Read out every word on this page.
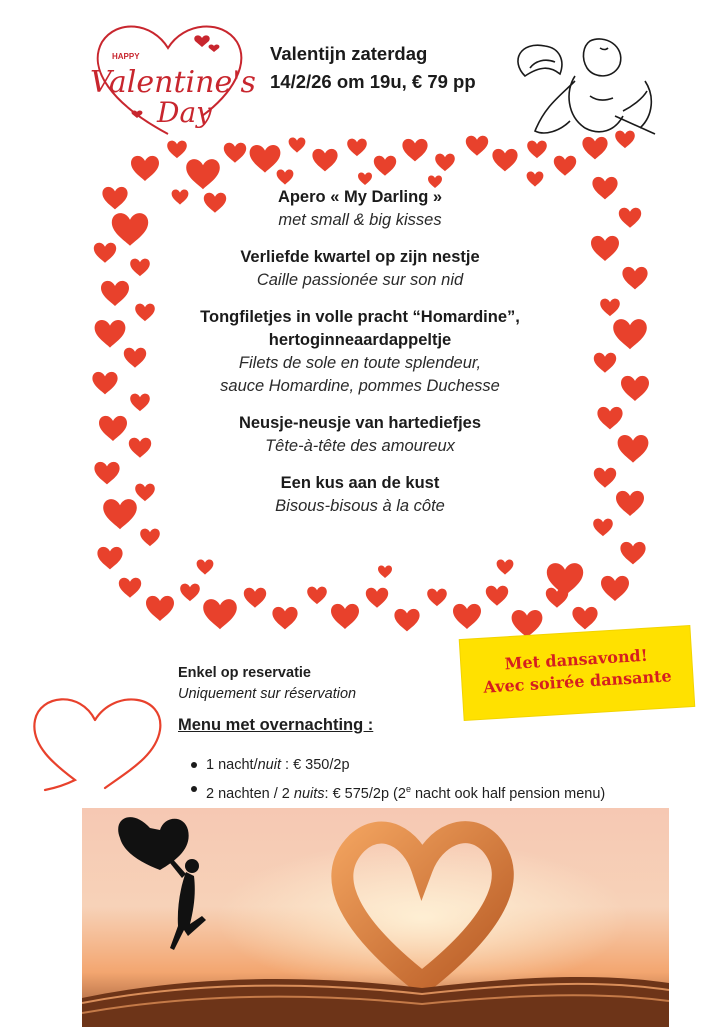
HAPPY
Valentine's
Day
Valentijn zaterdag
14/2/26 om 19u, € 79 pp
Apero « My Darling »
met small & big kisses
Verliefde kwartel op zijn nestje
Caille passionée sur son nid
Tongfiletjes in volle pracht “Homardine”,
hertoginneaardappeltje
Filets de sole en toute splendeur,
sauce Homardine, pommes Duchesse
Neusje-neusje van hartediefjes
Tête-à-tête des amoureux
Een kus aan de kust
Bisous-bisous à la côte
Enkel op reservatie
Uniquement sur réservation
Met dansavond!
Avec soirée dansante
Menu met overnachting :
1 nacht/nuit : € 350/2p
2 nachten / 2 nuits: € 575/2p (2e nacht ook half pension menu)
